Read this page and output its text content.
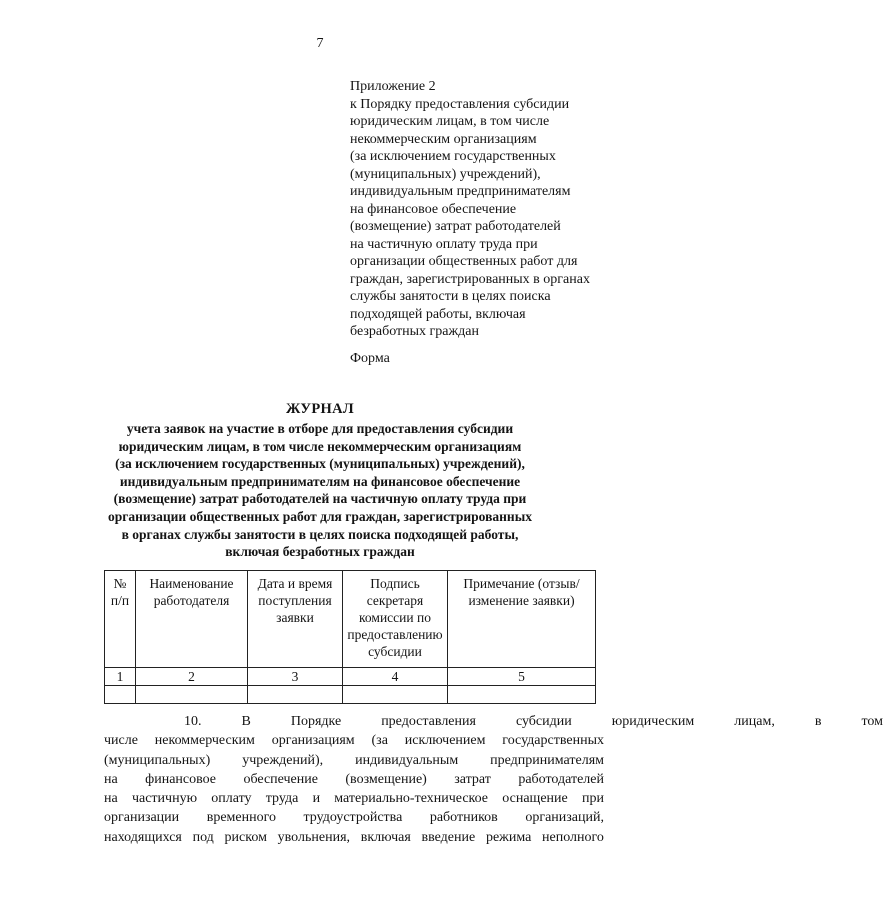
7
Приложение 2
к Порядку предоставления субсидии
юридическим лицам, в том числе
некоммерческим организациям
(за исключением государственных
(муниципальных) учреждений),
индивидуальным предпринимателям
на финансовое обеспечение
(возмещение) затрат работодателей
на частичную оплату труда при
организации общественных работ для
граждан, зарегистрированных в органах
службы занятости в целях поиска
подходящей работы, включая
безработных граждан
Форма
ЖУРНАЛ
учета заявок на участие в отборе для предоставления субсидии
юридическим лицам, в том числе некоммерческим организациям
(за исключением государственных (муниципальных) учреждений),
индивидуальным предпринимателям на финансовое обеспечение
(возмещение) затрат работодателей на частичную оплату труда при
организации общественных работ для граждан, зарегистрированных
в органах службы занятости в целях поиска подходящей работы,
включая безработных граждан
№ п/п	Наименование работодателя	Дата и время поступления заявки	Подпись секретаря комиссии по предоставлению субсидии	Примечание (отзыв/изменение заявки)
1	2	3	4	5

10.	В	Порядке	предоставления	субсидии	юридическим	лицам,	в	том
числе некоммерческим организациям (за исключением государственных
(муниципальных) учреждений), индивидуальным предпринимателям
на финансовое обеспечение (возмещение) затрат работодателей
на частичную оплату труда и материально-техническое оснащение при
организации временного трудоустройства работников организаций,
находящихся под риском увольнения, включая введение режима неполного
